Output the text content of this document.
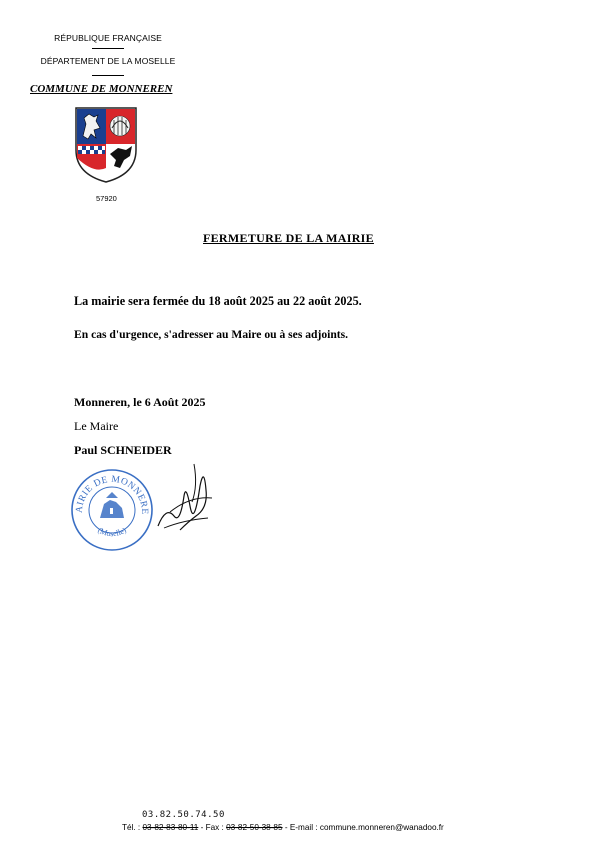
RÉPUBLIQUE FRANÇAISE
DÉPARTEMENT DE LA MOSELLE
COMMUNE DE MONNEREN
57920
FERMETURE DE LA MAIRIE
La mairie sera fermée du 18 août 2025 au 22 août 2025.
En cas d'urgence, s'adresser au Maire ou à ses adjoints.
Monneren, le 6 Août 2025
Le Maire
Paul SCHNEIDER
AIRIE DE MONNERE
(Moselle)
03.82.50.74.50
Tél. : 03-82-83-80-11 - Fax : 03-82-50-38-85 - E-mail : commune.monneren@wanadoo.fr
